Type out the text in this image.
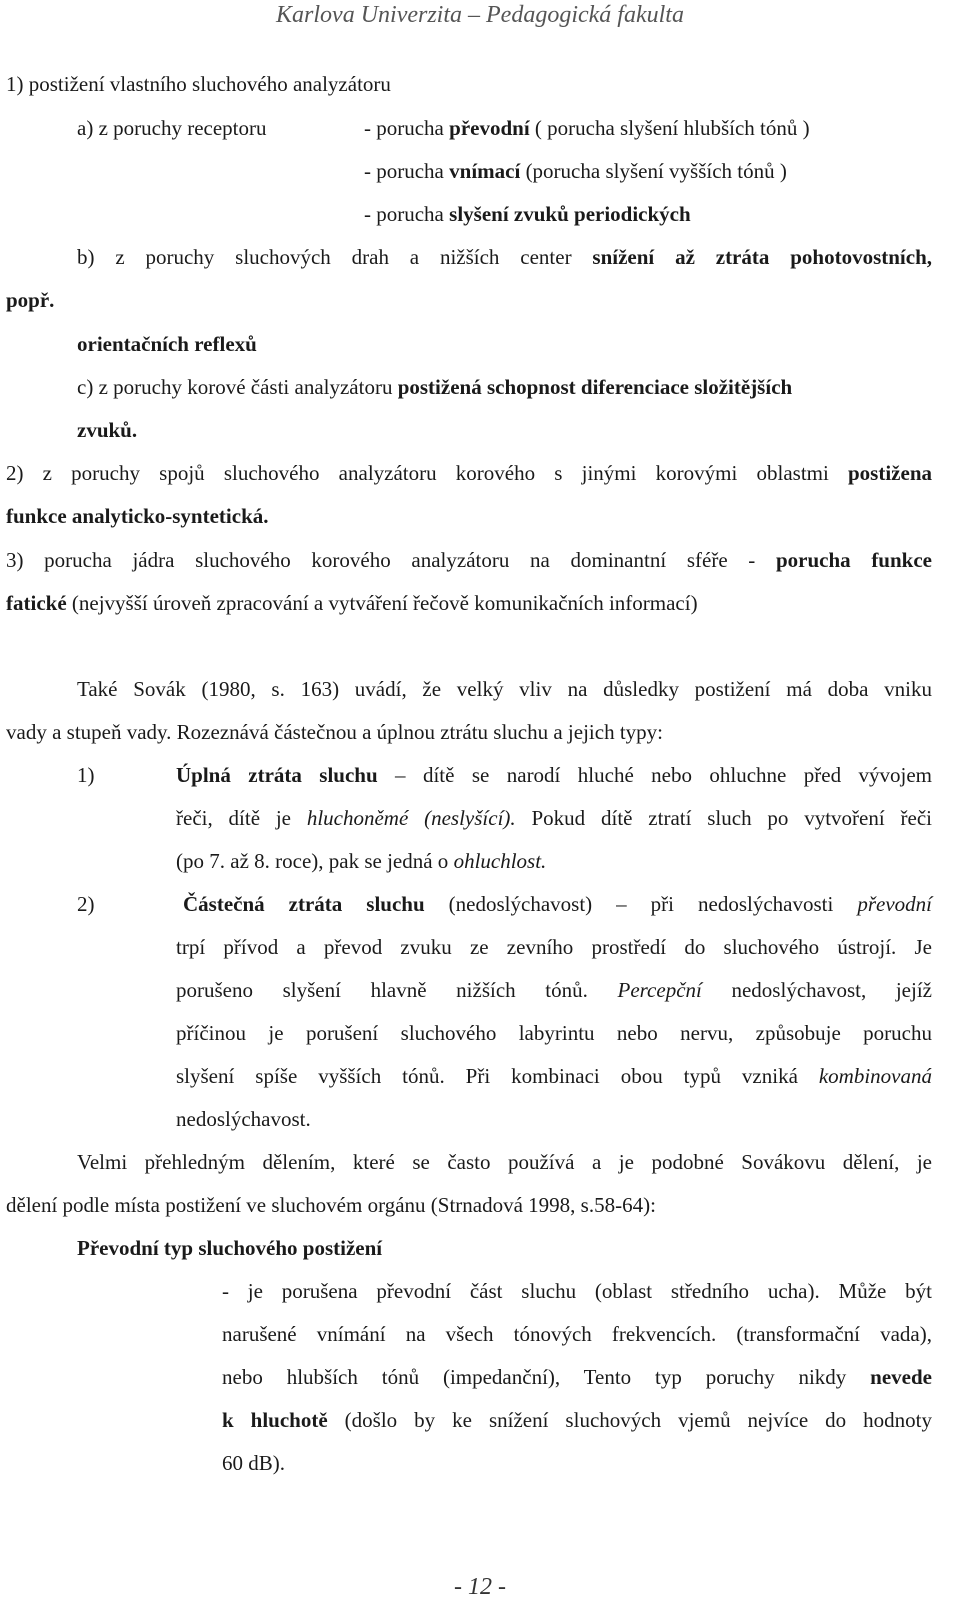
Karlova Univerzita – Pedagogická fakulta
1) postižení vlastního sluchového analyzátoru
a) z poruchy receptoru	- porucha převodní ( porucha slyšení hlubších tónů )
- porucha vnímací (porucha slyšení vyšších tónů )
- porucha slyšení zvuků periodických
b) z poruchy sluchových drah a nižších center snížení až ztráta pohotovostních,
popř.
orientačních reflexů
c) z poruchy korové části analyzátoru postižená schopnost diferenciace složitějších
zvuků.
2) z poruchy spojů sluchového analyzátoru korového s jinými korovými oblastmi postižena
funkce analyticko-syntetická.
3) porucha jádra sluchového korového analyzátoru na dominantní sféře - porucha funkce
fatické (nejvyšší úroveň zpracování a vytváření řečově komunikačních informací)
Také Sovák (1980, s. 163) uvádí, že velký vliv na důsledky postižení má doba vniku
vady a stupeň vady. Rozeznává částečnou a úplnou ztrátu sluchu a jejich typy:
1)	Úplná ztráta sluchu – dítě se narodí hluché nebo ohluchne před vývojem
řeči, dítě je hluchoněmé (neslyšící). Pokud dítě ztratí sluch po vytvoření řeči
(po 7. až 8. roce), pak se jedná o ohluchlost.
2)	Částečná ztráta sluchu (nedoslýchavost) – při nedoslýchavosti převodní
trpí přívod a převod zvuku ze zevního prostředí do sluchového ústrojí. Je
porušeno slyšení hlavně nižších tónů. Percepční nedoslýchavost, jejíž
příčinou je porušení sluchového labyrintu nebo nervu, způsobuje poruchu
slyšení spíše vyšších tónů. Při kombinaci obou typů vzniká kombinovaná
nedoslýchavost.
Velmi přehledným dělením, které se často používá a je podobné Sovákovu dělení, je
dělení podle místa postižení ve sluchovém orgánu (Strnadová 1998, s.58-64):
Převodní typ sluchového postižení
- je porušena převodní část sluchu (oblast středního ucha). Může být
narušené vnímání na všech tónových frekvencích. (transformační vada),
nebo hlubších tónů (impedanční), Tento typ poruchy nikdy nevede
k hluchotě (došlo by ke snížení sluchových vjemů nejvíce do hodnoty
60 dB).
- 12 -
